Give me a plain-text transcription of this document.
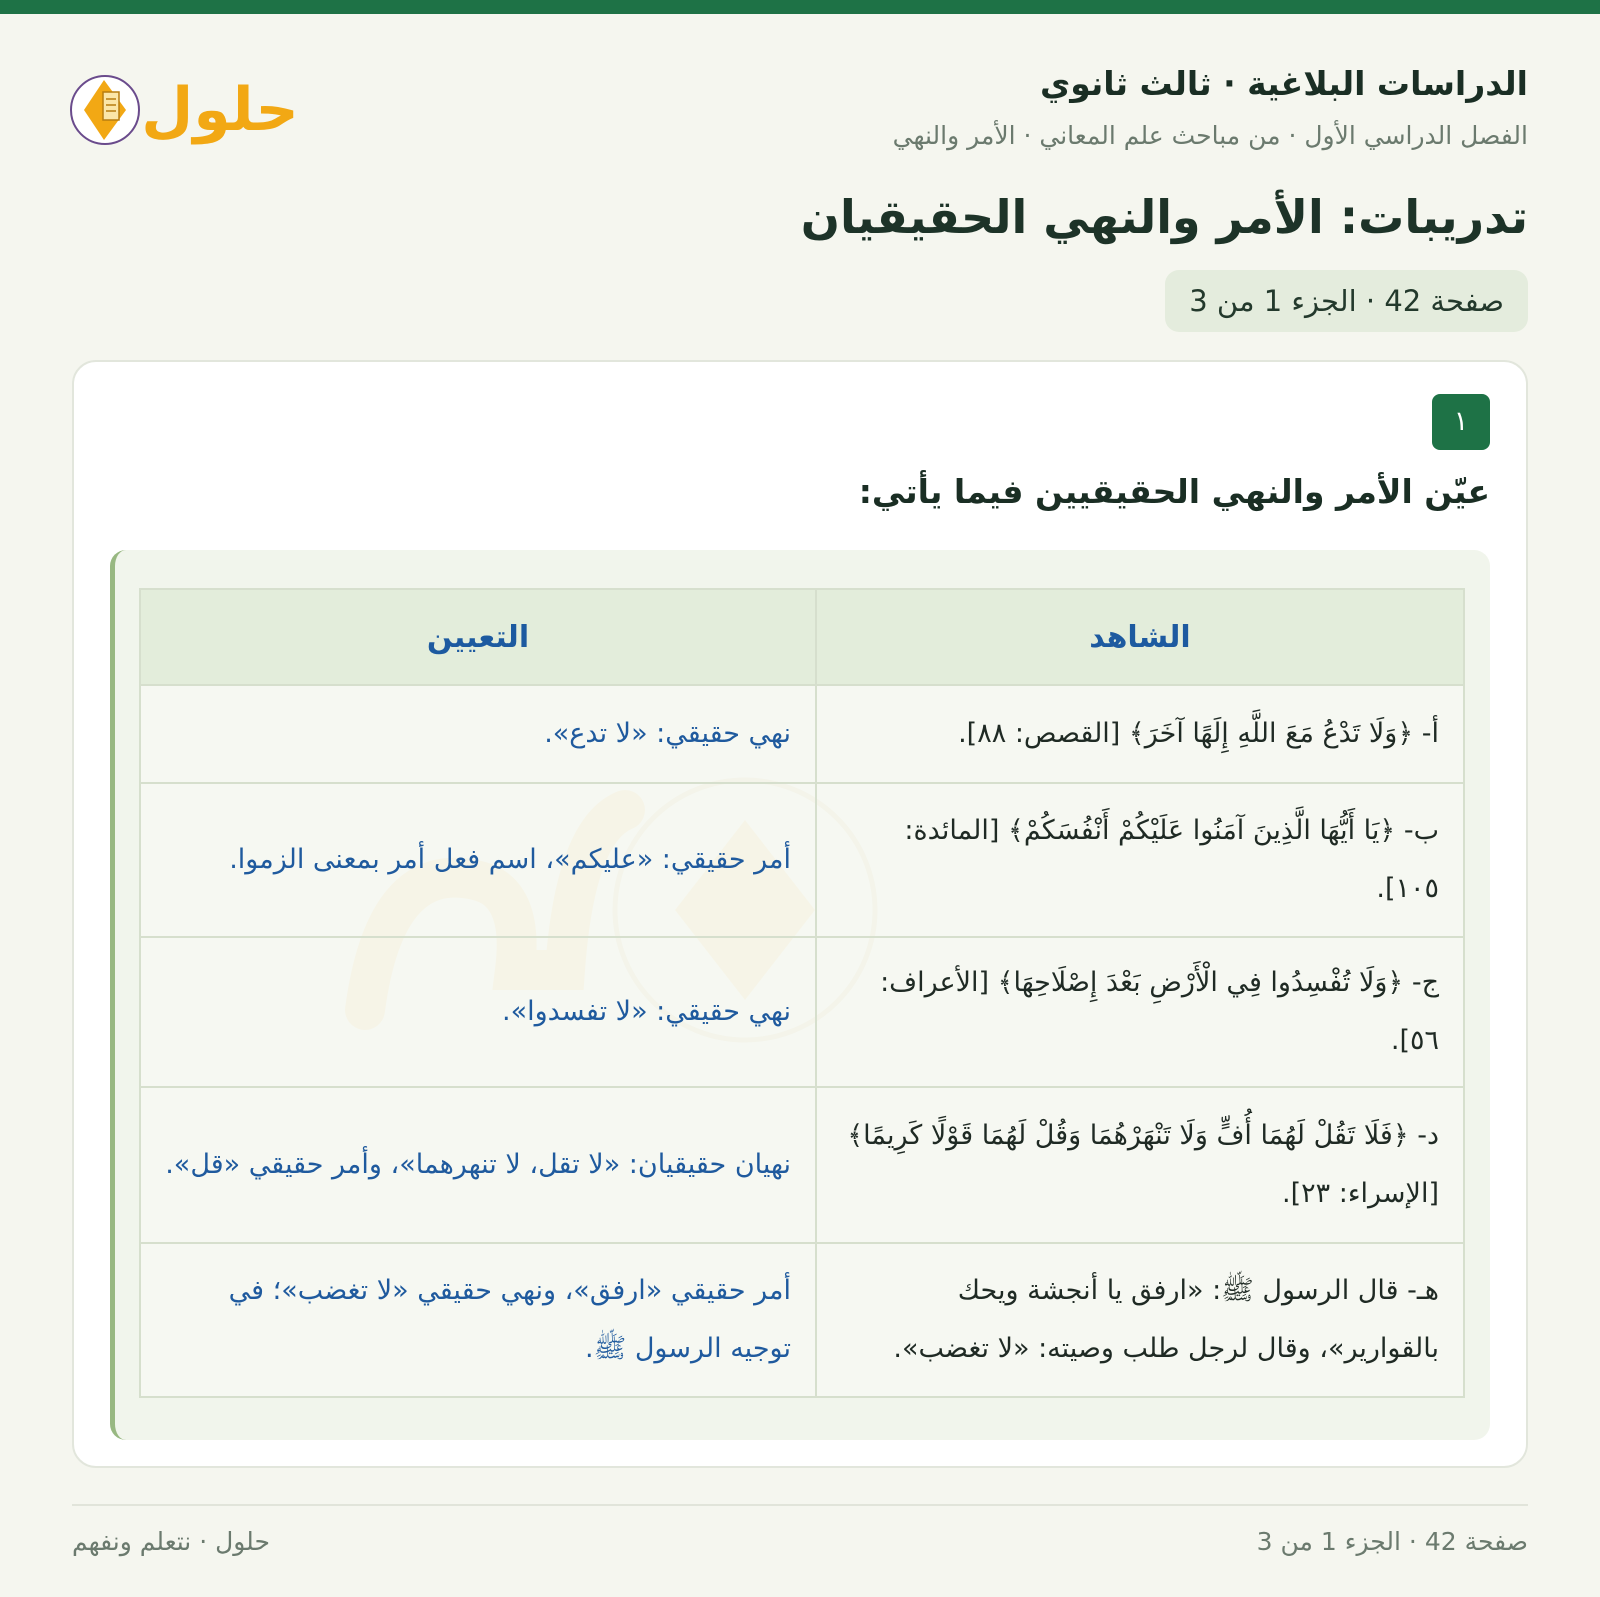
الدراسات البلاغية · ثالث ثانوي
الفصل الدراسي الأول · من مباحث علم المعاني · الأمر والنهي
حلول
تدريبات: الأمر والنهي الحقيقيان
صفحة 42 · الجزء 1 من 3
١
عيّن الأمر والنهي الحقيقيين فيما يأتي:
الشاهد	التعيين
أ- ﴿وَلَا تَدْعُ مَعَ اللَّهِ إِلَهًا آخَرَ﴾ [القصص: ٨٨].	نهي حقيقي: «لا تدع».
ب- ﴿يَا أَيُّهَا الَّذِينَ آمَنُوا عَلَيْكُمْ أَنْفُسَكُمْ﴾ [المائدة: ١٠٥].	أمر حقيقي: «عليكم»، اسم فعل أمر بمعنى الزموا.
ج- ﴿وَلَا تُفْسِدُوا فِي الْأَرْضِ بَعْدَ إِصْلَاحِهَا﴾ [الأعراف: ٥٦].	نهي حقيقي: «لا تفسدوا».
د- ﴿فَلَا تَقُلْ لَهُمَا أُفٍّ وَلَا تَنْهَرْهُمَا وَقُلْ لَهُمَا قَوْلًا كَرِيمًا﴾ [الإسراء: ٢٣].	نهيان حقيقيان: «لا تقل، لا تنهرهما»، وأمر حقيقي «قل».
هـ- قال الرسول ﷺ: «ارفق يا أنجشة ويحك بالقوارير»، وقال لرجل طلب وصيته: «لا تغضب».	أمر حقيقي «ارفق»، ونهي حقيقي «لا تغضب»؛ في توجيه الرسول ﷺ.
صفحة 42 · الجزء 1 من 3
حلول · نتعلم ونفهم
